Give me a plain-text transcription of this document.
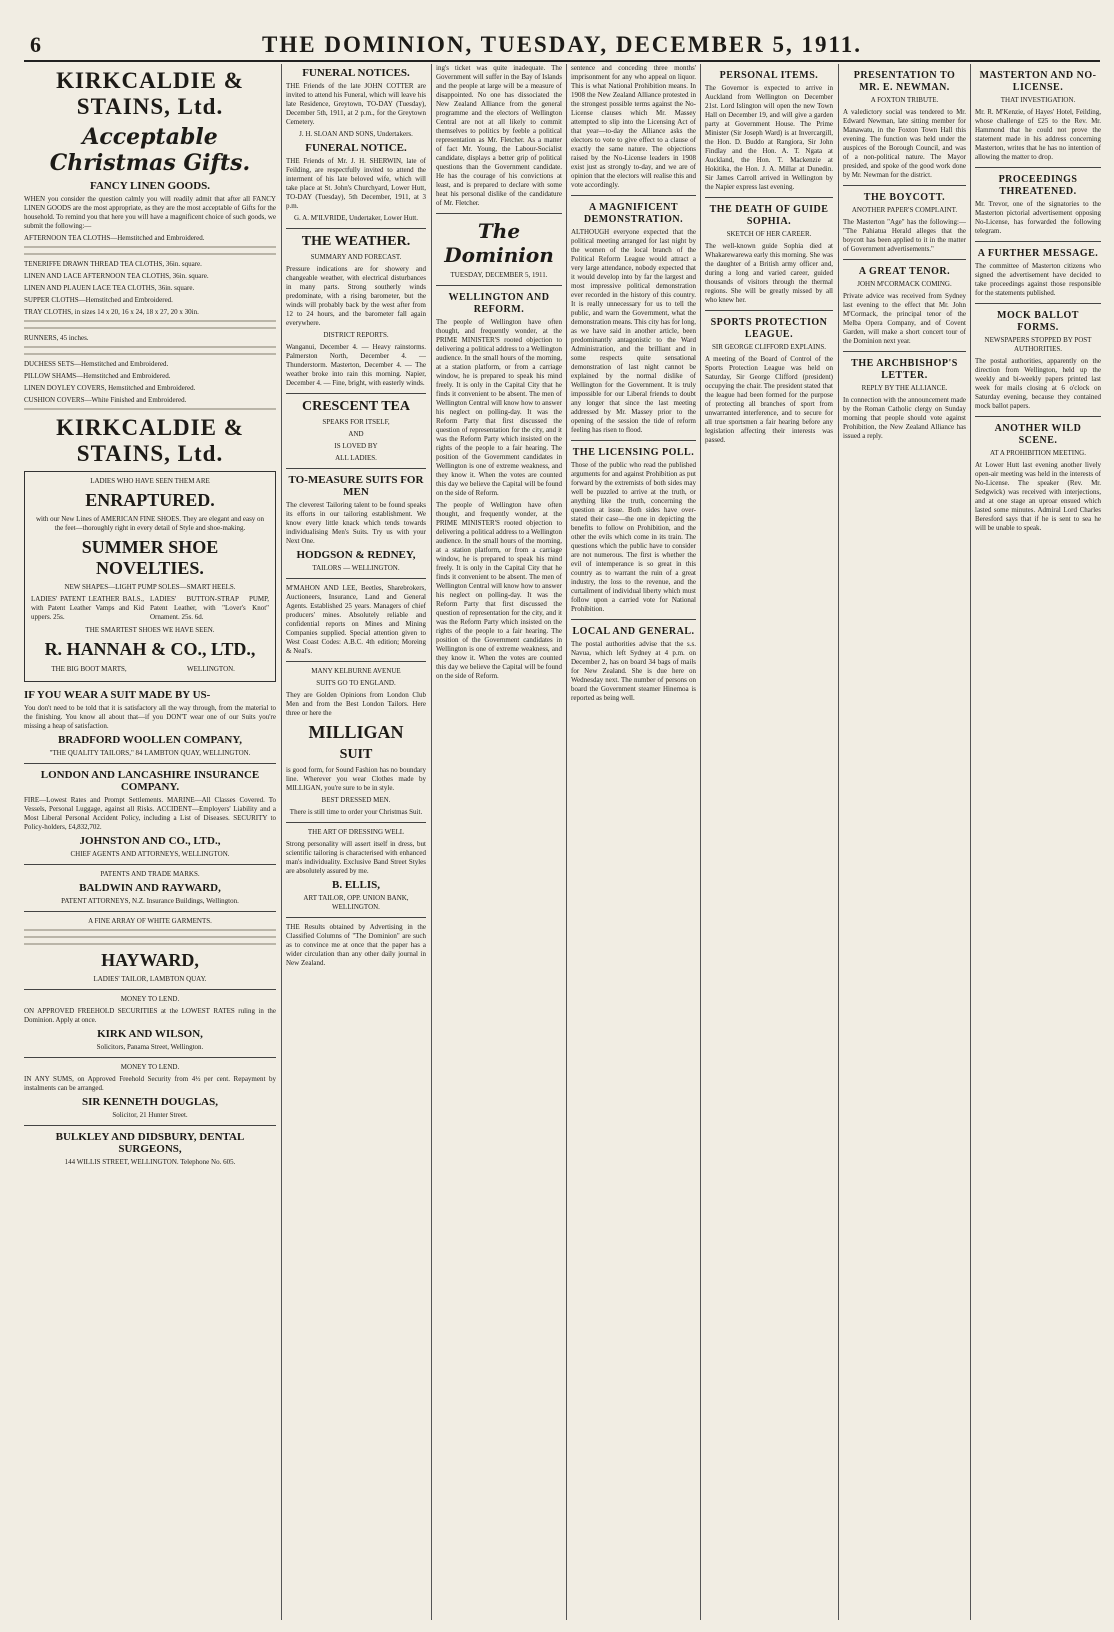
6	THE DOMINION, TUESDAY, DECEMBER 5, 1911.
KIRKCALDIE & STAINS, Ltd.
Acceptable Christmas Gifts.
FANCY LINEN GOODS.

WHEN you consider the question calmly you will readily admit that after all FANCY LINEN GOODS are the most appropriate, as they are the most acceptable of Gifts for the household. To remind you that here you will have a magnificent choice of such goods, we submit the following:—

AFTERNOON TEA CLOTHS—Hemstitched and Embroidered.

TENERIFFE DRAWN THREAD TEA CLOTHS, 36in. square.

LINEN AND LACE AFTERNOON TEA CLOTHS, 36in. square.

LINEN AND PLAUEN LACE TEA CLOTHS, 36in. square.

SUPPER CLOTHS—Hemstitched and Embroidered.

TRAY CLOTHS, in sizes 14 x 20, 16 x 24, 18 x 27, 20 x 30in.

RUNNERS, 45 inches.

DUCHESS SETS—Hemstitched and Embroidered.

PILLOW SHAMS—Hemstitched and Embroidered.

LINEN DOYLEY COVERS, Hemstitched and Embroidered.

CUSHION COVERS—White Finished and Embroidered.

KIRKCALDIE & STAINS, Ltd.
LADIES WHO HAVE SEEN THEM ARE
ENRAPTURED.

with our New Lines of AMERICAN FINE SHOES. They are elegant and easy on the feet—thoroughly right in every detail of Style and shoe-making.

SUMMER SHOE NOVELTIES.
NEW SHAPES—LIGHT PUMP SOLES—SMART HEELS.

LADIES' PATENT LEATHER BALS., with Patent Leather Vamps and Kid uppers. 25s.

LADIES' BUTTON-STRAP PUMP, Patent Leather, with "Lover's Knot" Ornament. 25s. 6d.

THE SMARTEST SHOES WE HAVE SEEN.
R. HANNAH & CO., LTD.,
THE BIG BOOT MARTS,	WELLINGTON.
IF YOU WEAR A SUIT MADE BY US-

You don't need to be told that it is satisfactory all the way through, from the material to the finishing. You know all about that—if you DON'T wear one of our Suits you're missing a heap of satisfaction.

BRADFORD WOOLLEN COMPANY,
"THE QUALITY TAILORS," 84 LAMBTON QUAY, WELLINGTON.
LONDON AND LANCASHIRE INSURANCE COMPANY.

FIRE—Lowest Rates and Prompt Settlements. MARINE—All Classes Covered. To Vessels, Personal Luggage, against all Risks. ACCIDENT—Employers' Liability and a Most Liberal Personal Accident Policy, including a List of Diseases. SECURITY to Policy-holders, £4,832,702.

JOHNSTON AND CO., LTD.,
CHIEF AGENTS AND ATTORNEYS, WELLINGTON.
PATENTS AND TRADE MARKS.
BALDWIN AND RAYWARD,
PATENT ATTORNEYS, N.Z. Insurance Buildings, Wellington.
A FINE ARRAY OF WHITE GARMENTS.
HAYWARD,
LADIES' TAILOR, LAMBTON QUAY.
MONEY TO LEND.

ON APPROVED FREEHOLD SECURITIES at the LOWEST RATES ruling in the Dominion. Apply at once.

KIRK AND WILSON,
Solicitors, Panama Street, Wellington.
MONEY TO LEND.

IN ANY SUMS, on Approved Freehold Security from 4½ per cent. Repayment by instalments can be arranged.

SIR KENNETH DOUGLAS,
Solicitor, 21 Hunter Street.
BULKLEY AND DIDSBURY, DENTAL SURGEONS,
144 WILLIS STREET, WELLINGTON. Telephone No. 605.
FUNERAL NOTICES.

THE Friends of the late JOHN COTTER are invited to attend his Funeral, which will leave his late Residence, Greytown, TO-DAY (Tuesday), December 5th, 1911, at 2 p.m., for the Greytown Cemetery.

J. H. SLOAN AND SONS, Undertakers.
FUNERAL NOTICE.

THE Friends of Mr. J. H. SHERWIN, late of Feilding, are respectfully invited to attend the interment of his late beloved wife, which will take place at St. John's Churchyard, Lower Hutt, TO-DAY (Tuesday), 5th December, 1911, at 3 p.m.

G. A. M'ILVRIDE, Undertaker, Lower Hutt.
THE WEATHER.
SUMMARY AND FORECAST.

Pressure indications are for showery and changeable weather, with electrical disturbances in many parts. Strong southerly winds predominate, with a rising barometer, but the winds will probably back by the west after from 12 to 24 hours, and the barometer fall again everywhere.

DISTRICT REPORTS.

Wanganui, December 4. — Heavy rainstorms. Palmerston North, December 4. — Thunderstorm. Masterton, December 4. — The weather broke into rain this morning. Napier, December 4. — Fine, bright, with easterly winds.

CRESCENT TEA
SPEAKS FOR ITSELF,
AND
IS LOVED BY
ALL LADIES.
TO-MEASURE SUITS FOR MEN

The cleverest Tailoring talent to be found speaks its efforts in our tailoring establishment. We know every little knack which tends towards individualising Men's Suits. Try us with your Next One.

HODGSON & REDNEY,
TAILORS — WELLINGTON.

M'MAHON AND LEE, Beetles, Sharebrokers, Auctioneers, Insurance, Land and General Agents. Established 25 years. Managers of chief producers' mines. Absolutely reliable and confidential reports on Mines and Mining Companies supplied. Special attention given to West Coast Codes: A.B.C. 4th edition; Moreing & Neal's.

MANY KELBURNE AVENUE
SUITS GO TO ENGLAND.

They are Golden Opinions from London Club Men and from the Best London Tailors. Here three or here the

MILLIGAN
SUIT

is good form, for Sound Fashion has no boundary line. Wherever you wear Clothes made by MILLIGAN, you're sure to be in style.

BEST DRESSED MEN.

There is still time to order your Christmas Suit.

THE ART OF DRESSING WELL

Strong personality will assert itself in dress, but scientific tailoring is characterised with enhanced man's individuality. Exclusive Band Street Styles are absolutely assured by me.

B. ELLIS,
ART TAILOR, OPP. UNION BANK, WELLINGTON.

THE Results obtained by Advertising in the Classified Columns of "The Dominion" are such as to convince me at once that the paper has a wider circulation than any other daily journal in New Zealand.

ing's ticket was quite inadequate. The Government will suffer in the Bay of Islands and the people at large will be a measure of disappointed. No one has dissociated the New Zealand Alliance from the general programme and the electors of Wellington Central are not at all likely to commit themselves to politics by feeble a political representation as Mr. Fletcher. As a matter of fact Mr. Young, the Labour-Socialist candidate, displays a better grip of political questions than the Government candidate. He has the courage of his convictions at least, and is prepared to declare with some heat his personal dislike of the candidature of Mr. Fletcher.

The Dominion
TUESDAY, DECEMBER 5, 1911.
WELLINGTON AND REFORM.

The people of Wellington have often thought, and frequently wonder, at the PRIME MINISTER'S rooted objection to delivering a political address to a Wellington audience. In the small hours of the morning, at a station platform, or from a carriage window, he is prepared to speak his mind freely. It is only in the Capital City that he finds it convenient to be absent. The men of Wellington Central will know how to answer his neglect on polling-day. It was the Reform Party that first discussed the question of representation for the city, and it was the Reform Party which insisted on the rights of the people to a fair hearing. The position of the Government candidates in Wellington is one of extreme weakness, and they know it. When the votes are counted this day we believe the Capital will be found on the side of Reform.

The people of Wellington have often thought, and frequently wonder, at the PRIME MINISTER'S rooted objection to delivering a political address to a Wellington audience. In the small hours of the morning, at a station platform, or from a carriage window, he is prepared to speak his mind freely. It is only in the Capital City that he finds it convenient to be absent. The men of Wellington Central will know how to answer his neglect on polling-day. It was the Reform Party that first discussed the question of representation for the city, and it was the Reform Party which insisted on the rights of the people to a fair hearing. The position of the Government candidates in Wellington is one of extreme weakness, and they know it. When the votes are counted this day we believe the Capital will be found on the side of Reform.

sentence and conceding three months' imprisonment for any who appeal on liquor. This is what National Prohibition means. In 1908 the New Zealand Alliance protested in the strongest possible terms against the No-License clauses which Mr. Massey attempted to slip into the Licensing Act of that year—to-day the Alliance asks the electors to vote to give effect to a clause of exactly the same nature. The objections raised by the No-License leaders in 1908 exist just as strongly to-day, and we are of opinion that the electors will realise this and vote accordingly.

A MAGNIFICENT DEMONSTRATION.

ALTHOUGH everyone expected that the political meeting arranged for last night by the women of the local branch of the Political Reform League would attract a very large attendance, nobody expected that it would develop into by far the largest and most impressive political demonstration ever recorded in the history of this country. It is really unnecessary for us to tell the public, and warn the Government, what the demonstration means. This city has for long, as we have said in another article, been predominantly antagonistic to the Ward Administration, and the brilliant and in some respects quite sensational demonstration of last night cannot be explained by the normal dislike of Wellington for the Government. It is truly impossible for our Liberal friends to doubt any longer that since the last meeting addressed by Mr. Massey prior to the opening of the session the tide of reform feeling has risen to flood.

THE LICENSING POLL.

Those of the public who read the published arguments for and against Prohibition as put forward by the extremists of both sides may well be puzzled to arrive at the truth, or anything like the truth, concerning the question at issue. Both sides have over-stated their case—the one in depicting the benefits to follow on Prohibition, and the other the evils which come in its train. The questions which the public have to consider are not numerous. The first is whether the evil of intemperance is so great in this country as to warrant the ruin of a great industry, the loss to the revenue, and the curtailment of individual liberty which must follow upon a carried vote for National Prohibition.

LOCAL AND GENERAL.

The postal authorities advise that the s.s. Navua, which left Sydney at 4 p.m. on December 2, has on board 34 bags of mails for New Zealand. She is due here on Wednesday next. The number of persons on board the Government steamer Hinemoa is reported as being well.

PERSONAL ITEMS.

The Governor is expected to arrive in Auckland from Wellington on December 21st. Lord Islington will open the new Town Hall on December 19, and will give a garden party at Government House. The Prime Minister (Sir Joseph Ward) is at Invercargill, the Hon. D. Buddo at Rangiora, Sir John Findlay and the Hon. A. T. Ngata at Auckland, the Hon. T. Mackenzie at Hokitika, the Hon. J. A. Millar at Dunedin. Sir James Carroll arrived in Wellington by the Napier express last evening.

THE DEATH OF GUIDE SOPHIA.
SKETCH OF HER CAREER.

The well-known guide Sophia died at Whakarewarewa early this morning. She was the daughter of a British army officer and, during a long and varied career, guided thousands of visitors through the thermal regions. She will be greatly missed by all who knew her.

SPORTS PROTECTION LEAGUE.
SIR GEORGE CLIFFORD EXPLAINS.

A meeting of the Board of Control of the Sports Protection League was held on Saturday, Sir George Clifford (president) occupying the chair. The president stated that the league had been formed for the purpose of protecting all branches of sport from unwarranted interference, and to secure for all true sportsmen a fair hearing before any legislation affecting their interests was passed.

PRESENTATION TO MR. E. NEWMAN.
A FOXTON TRIBUTE.

A valedictory social was tendered to Mr. Edward Newman, late sitting member for Manawatu, in the Foxton Town Hall this evening. The function was held under the auspices of the Borough Council, and was of a non-political nature. The Mayor presided, and spoke of the good work done by Mr. Newman for the district.

THE BOYCOTT.
ANOTHER PAPER'S COMPLAINT.

The Masterton "Age" has the following:— "The Pahiatua Herald alleges that the boycott has been applied to it in the matter of Government advertisements."

A GREAT TENOR.
JOHN M'CORMACK COMING.

Private advice was received from Sydney last evening to the effect that Mr. John M'Cormack, the principal tenor of the Melba Opera Company, and of Covent Garden, will make a short concert tour of the Dominion next year.

THE ARCHBISHOP'S LETTER.
REPLY BY THE ALLIANCE.

In connection with the announcement made by the Roman Catholic clergy on Sunday morning that people should vote against Prohibition, the New Zealand Alliance has issued a reply.

MASTERTON AND NO-LICENSE.
THAT INVESTIGATION.

Mr. R. M'Kenzie, of Hayes' Hotel, Feilding, whose challenge of £25 to the Rev. Mr. Hammond that he could not prove the statement made in his address concerning Masterton, writes that he has no intention of allowing the matter to drop.

PROCEEDINGS THREATENED.

Mr. Trevor, one of the signatories to the Masterton pictorial advertisement opposing No-License, has forwarded the following telegram.

A FURTHER MESSAGE.

The committee of Masterton citizens who signed the advertisement have decided to take proceedings against those responsible for the statements published.

MOCK BALLOT FORMS.
NEWSPAPERS STOPPED BY POST AUTHORITIES.

The postal authorities, apparently on the direction from Wellington, held up the weekly and bi-weekly papers printed last week for mails closing at 6 o'clock on Saturday evening, because they contained mock ballot papers.

ANOTHER WILD SCENE.
AT A PROHIBITION MEETING.

At Lower Hutt last evening another lively open-air meeting was held in the interests of No-License. The speaker (Rev. Mr. Sedgwick) was received with interjections, and at one stage an uproar ensued which lasted some minutes. Admiral Lord Charles Beresford says that if he is sent to sea he will be unable to speak.
